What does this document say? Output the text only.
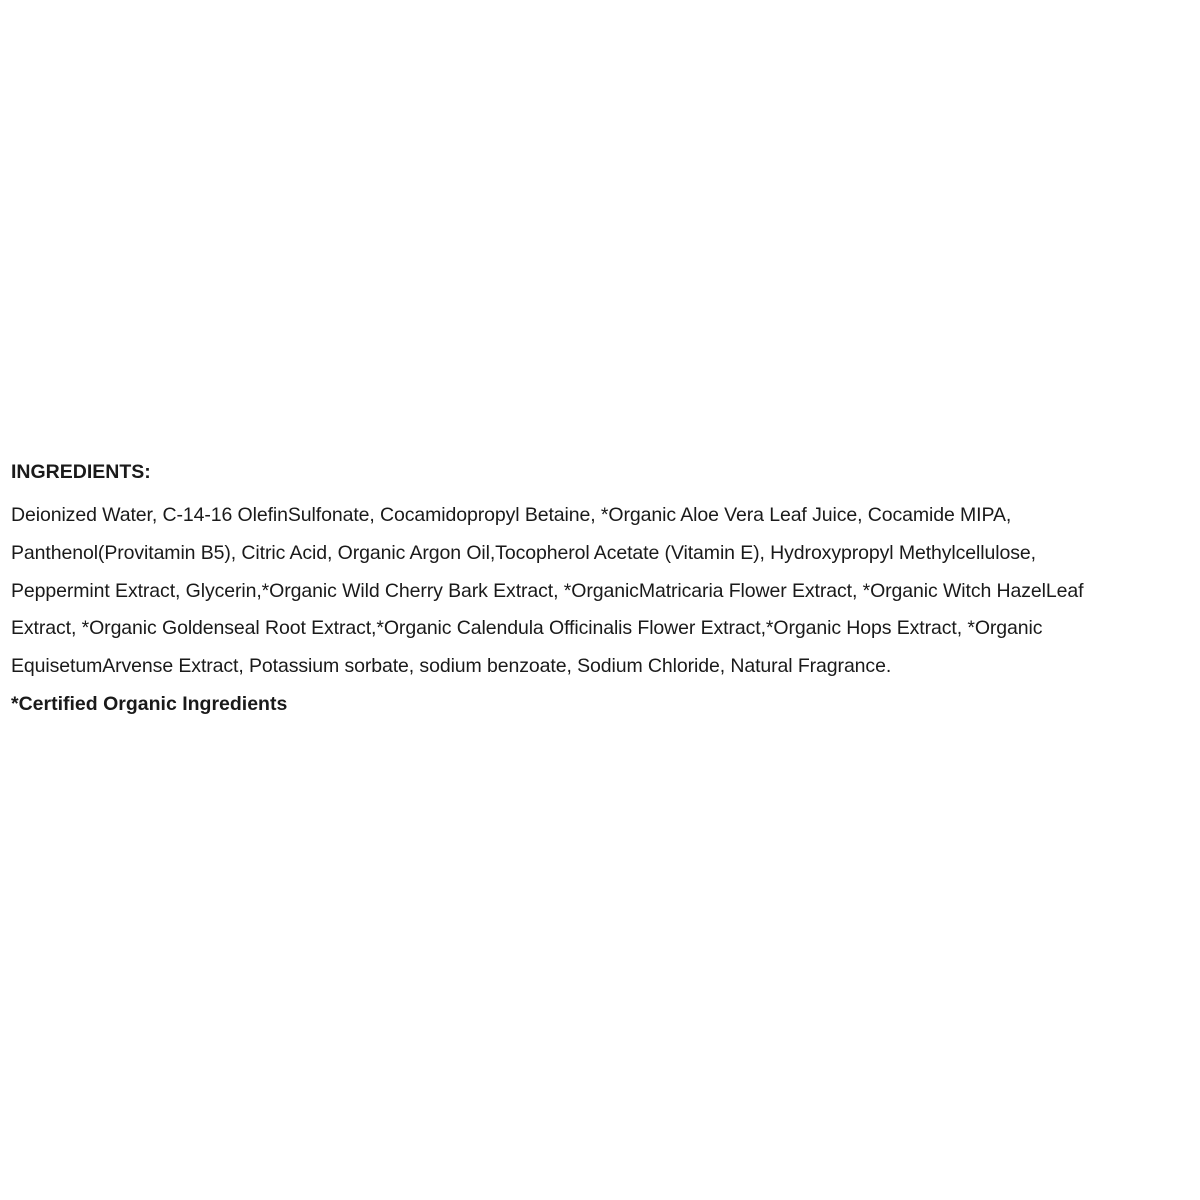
INGREDIENTS:

Deionized Water, C-14-16 OlefinSulfonate, Cocamidopropyl Betaine, *Organic Aloe Vera Leaf Juice, Cocamide MIPA,

Panthenol(Provitamin B5), Citric Acid, Organic Argon Oil,Tocopherol Acetate (Vitamin E), Hydroxypropyl Methylcellulose,

Peppermint Extract, Glycerin,*Organic Wild Cherry Bark Extract, *OrganicMatricaria Flower Extract, *Organic Witch HazelLeaf

Extract, *Organic Goldenseal Root Extract,*Organic Calendula Officinalis Flower Extract,*Organic Hops Extract, *Organic

EquisetumArvense Extract, Potassium sorbate, sodium benzoate, Sodium Chloride, Natural Fragrance.

*Certified Organic Ingredients
